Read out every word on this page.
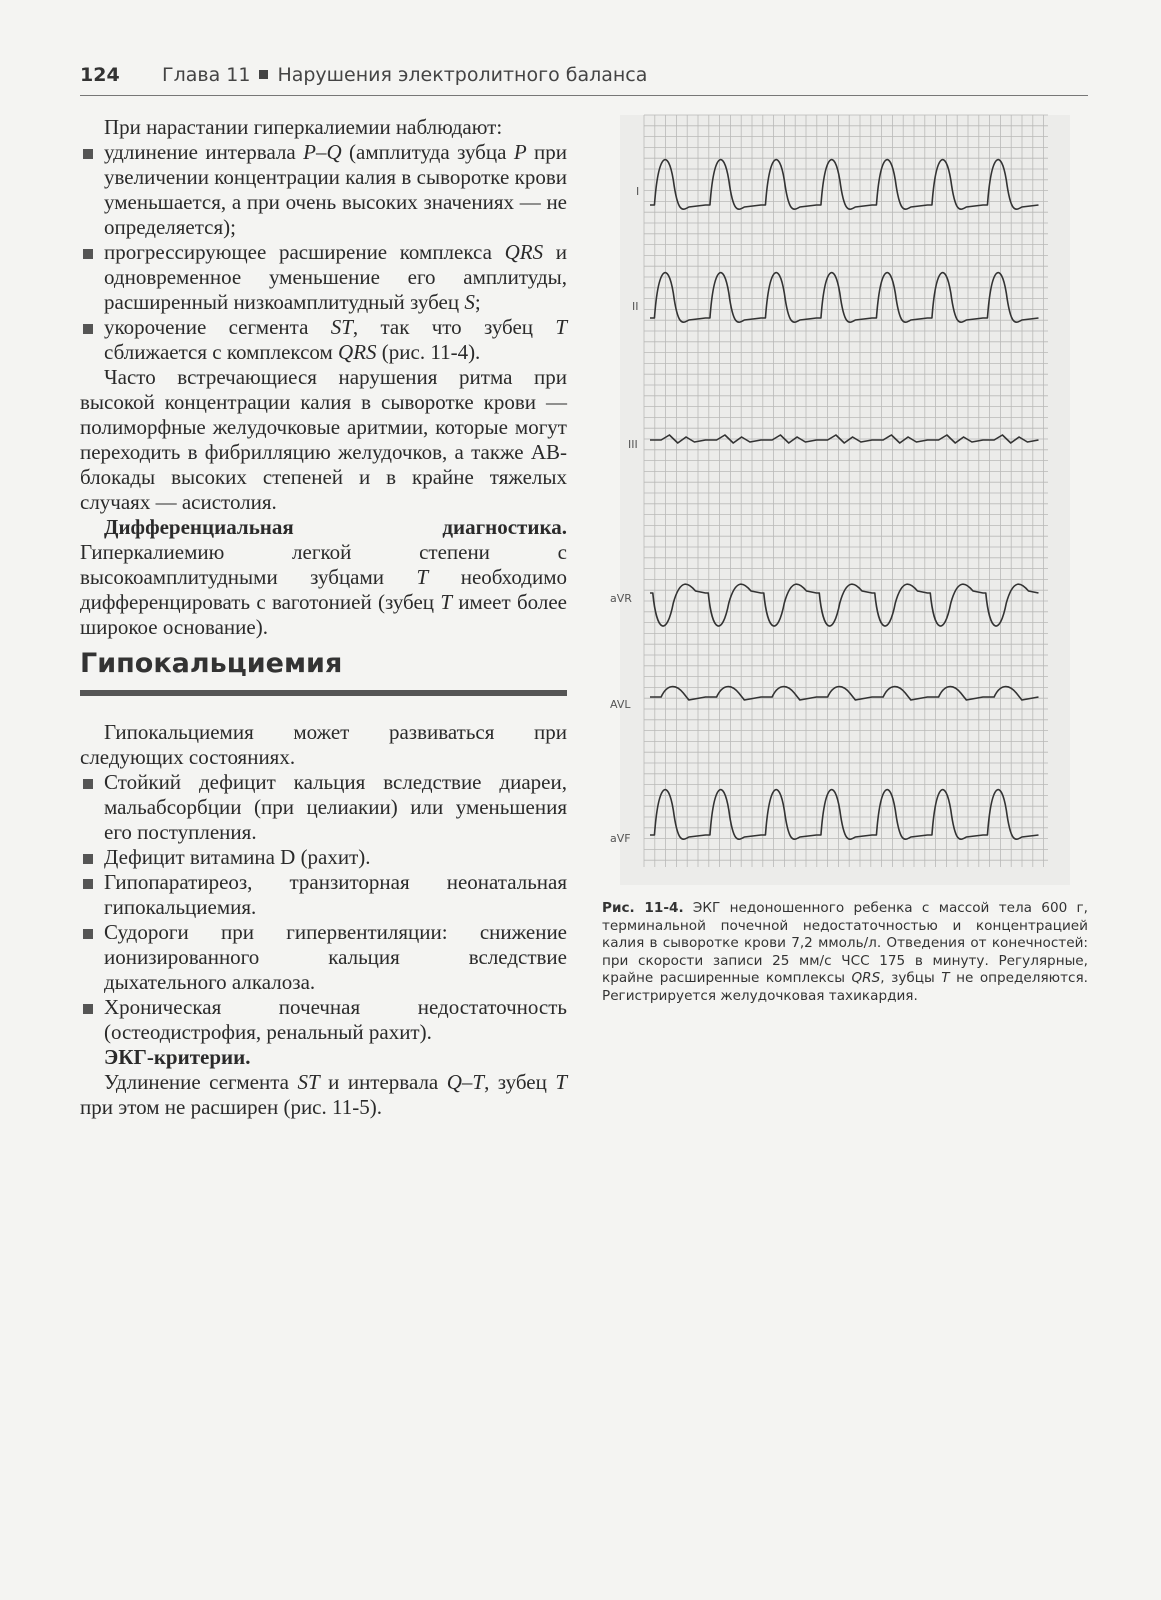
124 Глава 11 Нарушения электролитного баланса

При нарастании гиперкалиемии наблюдают:

удлинение интервала P–Q (амплитуда зубца P при увеличении концентрации калия в сыворотке крови уменьшается, а при очень высоких значениях — не определяется);
прогрессирующее расширение комплекса QRS и одновременное уменьшение его амплитуды, расширенный низкоамплитудный зубец S;
укорочение сегмента ST, так что зубец T сближается с комплексом QRS (рис. 11-4).

Часто встречающиеся нарушения ритма при высокой концентрации калия в сыворотке крови — полиморфные желудочковые аритмии, которые могут переходить в фибрилляцию желудочков, а также АВ-блокады высоких степеней и в крайне тяжелых случаях — асистолия.

Дифференциальная диагностика. Гиперкалиемию легкой степени с высокоамплитудными зубцами T необходимо дифференцировать с ваготонией (зубец T имеет более широкое основание).

Гипокальциемия

Гипокальциемия может развиваться при следующих состояниях.

Стойкий дефицит кальция вследствие диареи, мальабсорбции (при целиакии) или уменьшения его поступления.
Дефицит витамина D (рахит).
Гипопаратиреоз, транзиторная неонатальная гипокальциемия.
Судороги при гипервентиляции: снижение ионизированного кальция вследствие дыхательного алкалоза.
Хроническая почечная недостаточность (остеодистрофия, ренальный рахит).

ЭКГ-критерии.

Удлинение сегмента ST и интервала Q–T, зубец T при этом не расширен (рис. 11-5).

I
II
III
aVR
AVL
aVF
Рис. 11-4. ЭКГ недоношенного ребенка с массой тела 600 г, терминальной почечной недостаточностью и концентрацией калия в сыворотке крови 7,2 ммоль/л. Отведения от конечностей: при скорости записи 25 мм/с ЧСС 175 в минуту. Регулярные, крайне расширенные комплексы QRS, зубцы T не определяются. Регистрируется желудочковая тахикардия.
